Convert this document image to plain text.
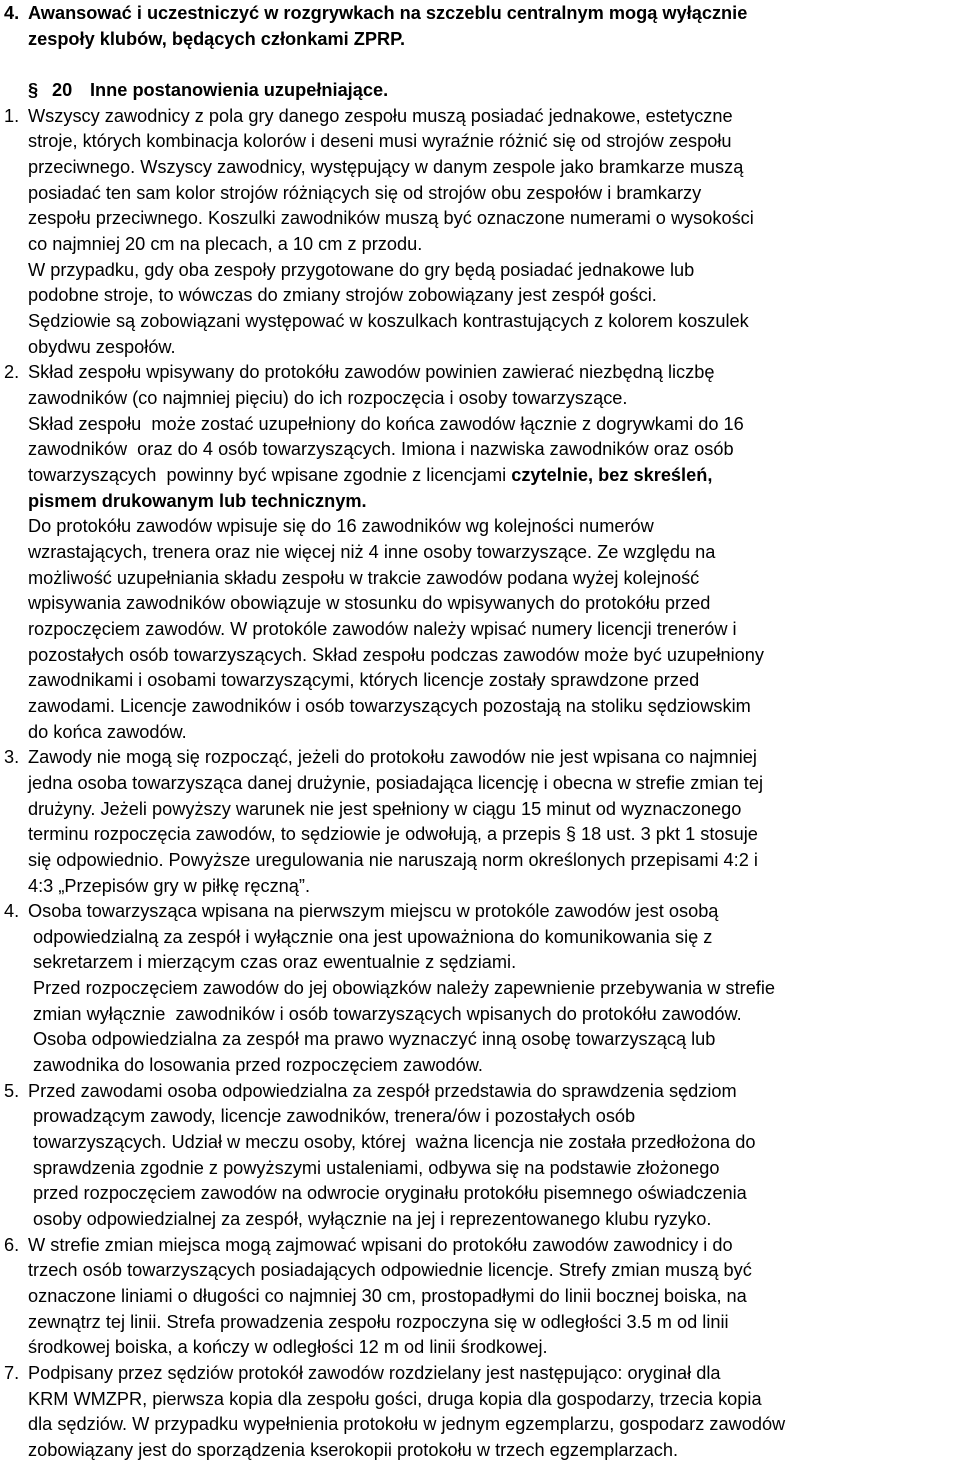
4. Awansować i uczestniczyć w rozgrywkach na szczeblu centralnym mogą wyłącznie
zespoły klubów, będących członkami ZPRP.
§ 20 Inne postanowienia uzupełniające.
1. Wszyscy zawodnicy z pola gry danego zespołu muszą posiadać jednakowe, estetyczne
stroje, których kombinacja kolorów i deseni musi wyraźnie różnić się od strojów zespołu
przeciwnego. Wszyscy zawodnicy, występujący w danym zespole jako bramkarze muszą
posiadać ten sam kolor strojów różniących się od strojów obu zespołów i bramkarzy
zespołu przeciwnego. Koszulki zawodników muszą być oznaczone numerami o wysokości
co najmniej 20 cm na plecach, a 10 cm z przodu.
W przypadku, gdy oba zespoły przygotowane do gry będą posiadać jednakowe lub
podobne stroje, to wówczas do zmiany strojów zobowiązany jest zespół gości.
Sędziowie są zobowiązani występować w koszulkach kontrastujących z kolorem koszulek
obydwu zespołów.
2. Skład zespołu wpisywany do protokółu zawodów powinien zawierać niezbędną liczbę
zawodników (co najmniej pięciu) do ich rozpoczęcia i osoby towarzyszące.
Skład zespołu  może zostać uzupełniony do końca zawodów łącznie z dogrywkami do 16
zawodników  oraz do 4 osób towarzyszących. Imiona i nazwiska zawodników oraz osób
towarzyszących  powinny być wpisane zgodnie z licencjami czytelnie, bez skreśleń,
pismem drukowanym lub technicznym.
Do protokółu zawodów wpisuje się do 16 zawodników wg kolejności numerów
wzrastających, trenera oraz nie więcej niż 4 inne osoby towarzyszące. Ze względu na
możliwość uzupełniania składu zespołu w trakcie zawodów podana wyżej kolejność
wpisywania zawodników obowiązuje w stosunku do wpisywanych do protokółu przed
rozpoczęciem zawodów. W protokóle zawodów należy wpisać numery licencji trenerów i
pozostałych osób towarzyszących. Skład zespołu podczas zawodów może być uzupełniony
zawodnikami i osobami towarzyszącymi, których licencje zostały sprawdzone przed
zawodami. Licencje zawodników i osób towarzyszących pozostają na stoliku sędziowskim
do końca zawodów.
3. Zawody nie mogą się rozpocząć, jeżeli do protokołu zawodów nie jest wpisana co najmniej
jedna osoba towarzysząca danej drużynie, posiadająca licencję i obecna w strefie zmian tej
drużyny. Jeżeli powyższy warunek nie jest spełniony w ciągu 15 minut od wyznaczonego
terminu rozpoczęcia zawodów, to sędziowie je odwołują, a przepis § 18 ust. 3 pkt 1 stosuje
się odpowiednio. Powyższe uregulowania nie naruszają norm określonych przepisami 4:2 i
4:3 „Przepisów gry w piłkę ręczną”.
4. Osoba towarzysząca wpisana na pierwszym miejscu w protokóle zawodów jest osobą
odpowiedzialną za zespół i wyłącznie ona jest upoważniona do komunikowania się z
sekretarzem i mierzącym czas oraz ewentualnie z sędziami.
Przed rozpoczęciem zawodów do jej obowiązków należy zapewnienie przebywania w strefie
zmian wyłącznie  zawodników i osób towarzyszących wpisanych do protokółu zawodów.
Osoba odpowiedzialna za zespół ma prawo wyznaczyć inną osobę towarzyszącą lub
zawodnika do losowania przed rozpoczęciem zawodów.
5. Przed zawodami osoba odpowiedzialna za zespół przedstawia do sprawdzenia sędziom
prowadzącym zawody, licencje zawodników, trenera/ów i pozostałych osób
towarzyszących. Udział w meczu osoby, której  ważna licencja nie została przedłożona do
sprawdzenia zgodnie z powyższymi ustaleniami, odbywa się na podstawie złożonego
przed rozpoczęciem zawodów na odwrocie oryginału protokółu pisemnego oświadczenia
osoby odpowiedzialnej za zespół, wyłącznie na jej i reprezentowanego klubu ryzyko.
6. W strefie zmian miejsca mogą zajmować wpisani do protokółu zawodów zawodnicy i do
trzech osób towarzyszących posiadających odpowiednie licencje. Strefy zmian muszą być
oznaczone liniami o długości co najmniej 30 cm, prostopadłymi do linii bocznej boiska, na
zewnątrz tej linii. Strefa prowadzenia zespołu rozpoczyna się w odległości 3.5 m od linii
środkowej boiska, a kończy w odległości 12 m od linii środkowej.
7. Podpisany przez sędziów protokół zawodów rozdzielany jest następująco: oryginał dla
KRM WMZPR, pierwsza kopia dla zespołu gości, druga kopia dla gospodarzy, trzecia kopia
dla sędziów. W przypadku wypełnienia protokołu w jednym egzemplarzu, gospodarz zawodów
zobowiązany jest do sporządzenia kserokopii protokołu w trzech egzemplarzach.
